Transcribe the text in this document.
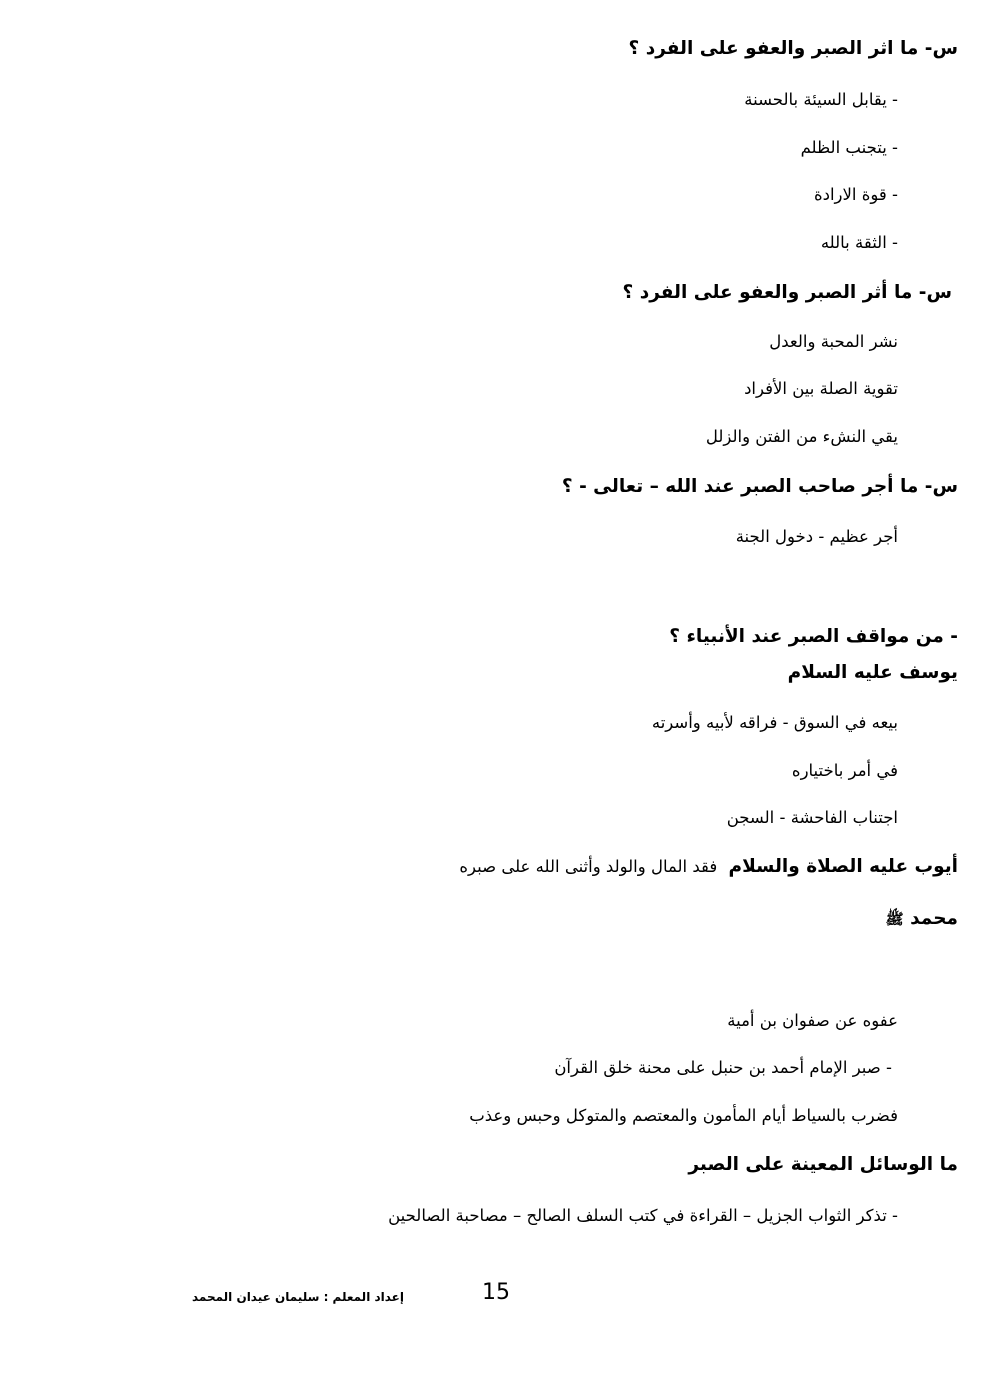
س- ما اثر الصبر والعفو على الفرد ؟
- يقابل السيئة بالحسنة
- يتجنب الظلم
- قوة الارادة
- الثقة بالله
س- ما أثر الصبر والعفو على الفرد ؟
نشر المحبة والعدل
تقوية الصلة بين الأفراد
يقي النشء من الفتن والزلل
س- ما أجر صاحب الصبر عند الله – تعالى - ؟
أجر عظيم - دخول الجنة
- من مواقف الصبر عند الأنبياء ؟
يوسف عليه السلام
بيعه في السوق - فراقه لأبيه وأسرته
في أمر باختياره
اجتناب الفاحشة - السجن
أيوب عليه الصلاة والسلام فقد المال والولد وأثنى الله على صبره
محمد ﷺ
عفوه عن صفوان بن أمية
- صبر الإمام أحمد بن حنبل على محنة خلق القرآن
فضرب بالسياط أيام المأمون والمعتصم والمتوكل وحبس وعذب
ما الوسائل المعينة على الصبر
- تذكر الثواب الجزيل – القراءة في كتب السلف الصالح – مصاحبة الصالحين
إعداد المعلم : سليمان عيدان المحمد	15
